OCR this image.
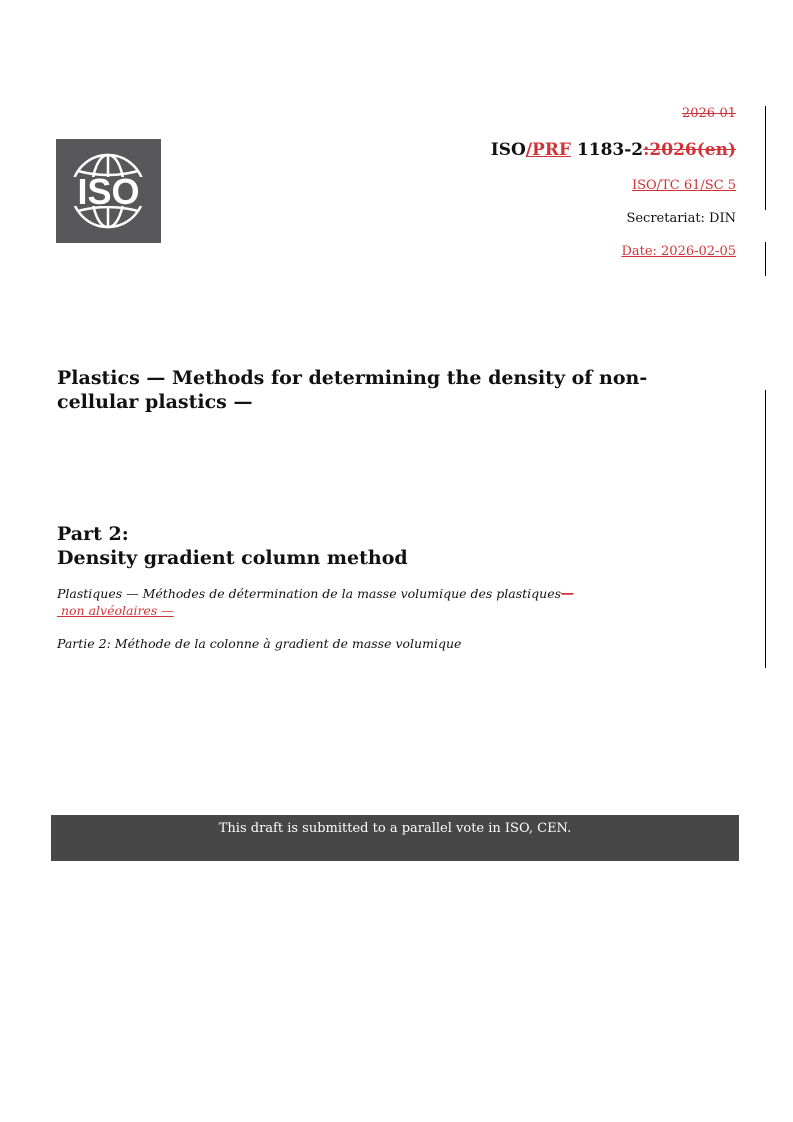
2026-01
ISO/PRF 1183-2:2026(en)
ISO/TC 61/SC 5
Secretariat: DIN
Date: 2026-02-05
ISO
Plastics — Methods for determining the density of non-cellular plastics —
Part 2:
Density gradient column method
Plastiques — Méthodes de détermination de la masse volumique des plastiques—
non alvéolaires —
Partie 2: Méthode de la colonne à gradient de masse volumique
This draft is submitted to a parallel vote in ISO, CEN.
